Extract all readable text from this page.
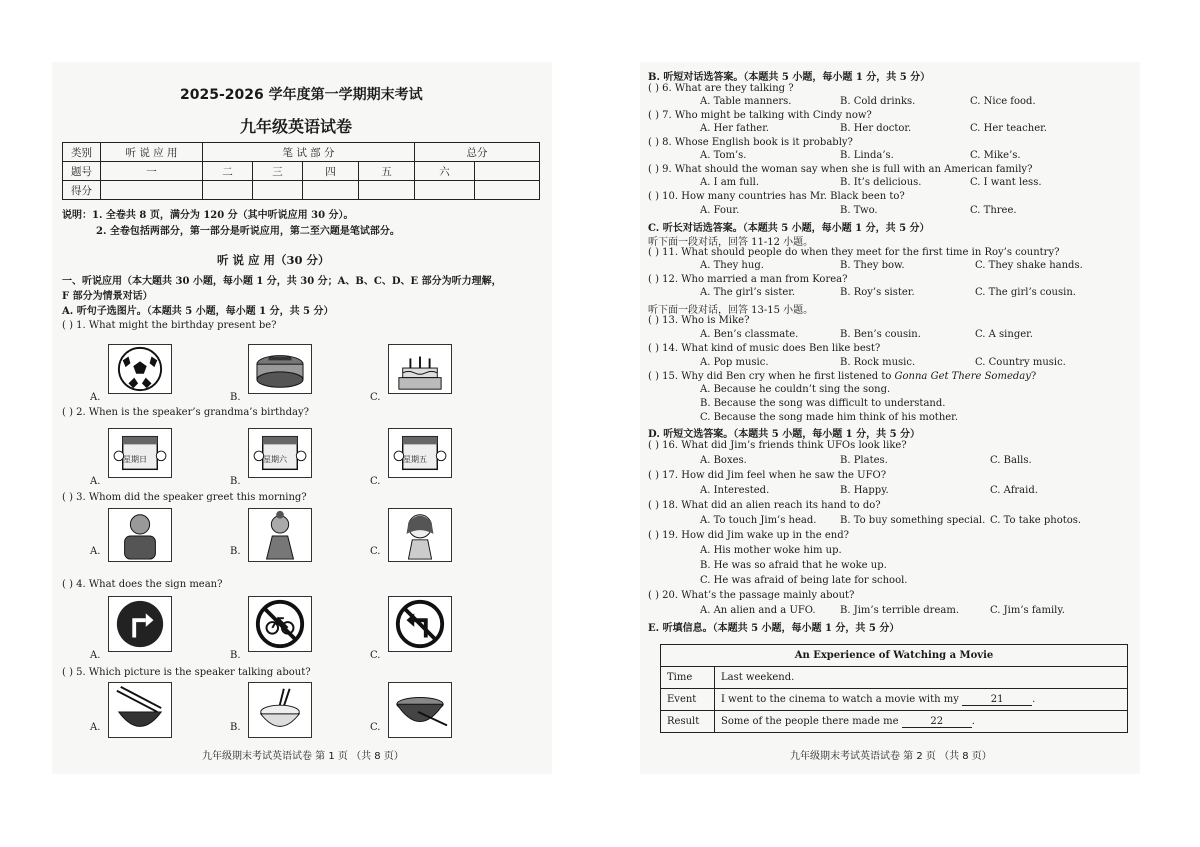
2025-2026 学年度第一学期期末考试
九年级英语试卷
类别	听 说 应 用	笔 试 部 分				总分	
题号	一	二	三	四	五	六	
得分							
说明：1. 全卷共 8 页，满分为 120 分（其中听说应用 30 分）。
2. 全卷包括两部分，第一部分是听说应用，第二至六题是笔试部分。
听 说 应 用（30 分）
一、听说应用（本大题共 30 小题，每小题 1 分，共 30 分；A、B、C、D、E 部分为听力理解，
F 部分为情景对话）
A. 听句子选图片。（本题共 5 小题，每小题 1 分，共 5 分）
( ) 1. What might the birthday present be?
A.	B.	C.
( ) 2. When is the speaker’s grandma’s birthday?
A.
星期日
B.
星期六
C.
星期五
( ) 3. Whom did the speaker greet this morning?
A.	B.	C.
( ) 4. What does the sign mean?
A.	B.	C.
( ) 5. Which picture is the speaker talking about?
A.	B.	C.
九年级期末考试英语试卷 第 1 页 （共 8 页）
B. 听短对话选答案。（本题共 5 小题，每小题 1 分，共 5 分）
( ) 6. What are they talking ?
A. Table manners.	B. Cold drinks.	C. Nice food.
( ) 7. Who might be talking with Cindy now?
A. Her father.	B. Her doctor.	C. Her teacher.
( ) 8. Whose English book is it probably?
A. Tom’s.	B. Linda’s.	C. Mike’s.
( ) 9. What should the woman say when she is full with an American family?
A. I am full.	B. It’s delicious.	C. I want less.
( ) 10. How many countries has Mr. Black been to?
A. Four.	B. Two.	C. Three.
C. 听长对话选答案。（本题共 5 小题，每小题 1 分，共 5 分）
听下面一段对话，回答 11-12 小题。
( ) 11. What should people do when they meet for the first time in Roy’s country?
A. They hug.	B. They bow.	C. They shake hands.
( ) 12. Who married a man from Korea?
A. The girl’s sister.	B. Roy’s sister.	C. The girl’s cousin.
听下面一段对话，回答 13-15 小题。
( ) 13. Who is Mike?
A. Ben’s classmate.	B. Ben’s cousin.	C. A singer.
( ) 14. What kind of music does Ben like best?
A. Pop music.	B. Rock music.	C. Country music.
( ) 15. Why did Ben cry when he first listened to Gonna Get There Someday?
A. Because he couldn’t sing the song.
B. Because the song was difficult to understand.
C. Because the song made him think of his mother.
D. 听短文选答案。（本题共 5 小题，每小题 1 分，共 5 分）
( ) 16. What did Jim’s friends think UFOs look like?
A. Boxes.	B. Plates.	C. Balls.
( ) 17. How did Jim feel when he saw the UFO?
A. Interested.	B. Happy.	C. Afraid.
( ) 18. What did an alien reach its hand to do?
A. To touch Jim’s head. B. To buy something special. C. To take photos.
( ) 19. How did Jim wake up in the end?
A. His mother woke him up.
B. He was so afraid that he woke up.
C. He was afraid of being late for school.
( ) 20. What’s the passage mainly about?
A. An alien and a UFO. B. Jim’s terrible dream.	C. Jim’s family.
E. 听填信息。（本题共 5 小题，每小题 1 分，共 5 分）
An Experience of Watching a Movie	
Time	Last weekend.
Event	I went to the cinema to watch a movie with my 21 .
Result	Some of the people there made me 22 .
九年级期末考试英语试卷 第 2 页 （共 8 页）
